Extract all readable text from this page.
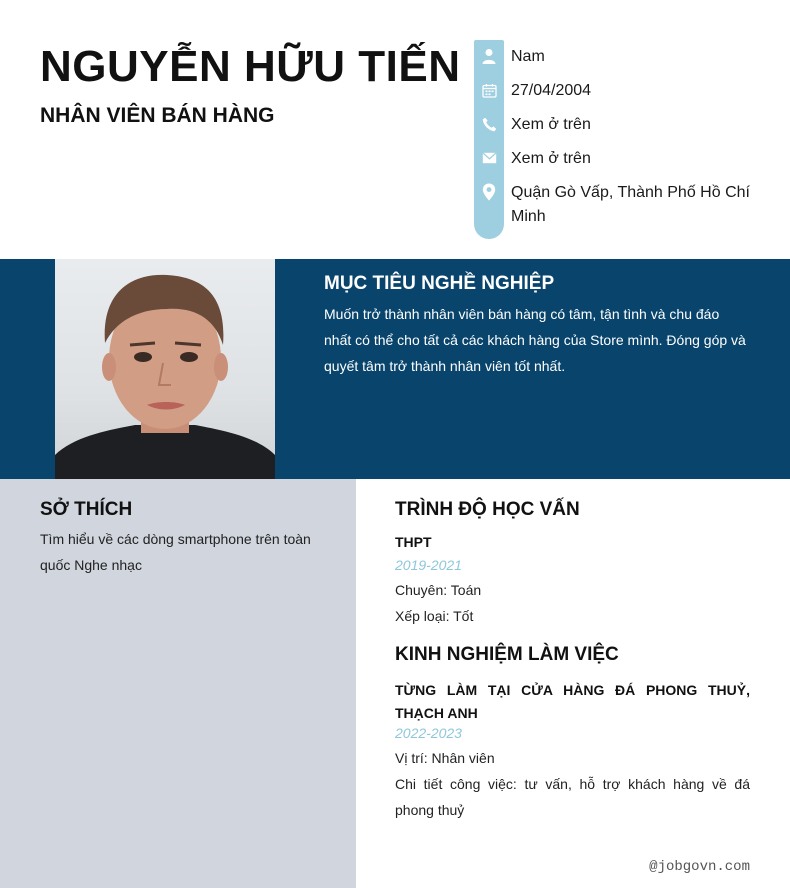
NGUYỄN HỮU TIẾN
NHÂN VIÊN BÁN HÀNG
Nam
27/04/2004
Xem ở trên
Xem ở trên
Quận Gò Vấp, Thành Phố Hồ Chí Minh
MỤC TIÊU NGHỀ NGHIỆP
Muốn trở thành nhân viên bán hàng có tâm, tận tình và chu đáo nhất có thể cho tất cả các khách hàng của Store mình. Đóng góp và quyết tâm trở thành nhân viên tốt nhất.
SỞ THÍCH
Tìm hiểu về các dòng smartphone trên toàn quốc Nghe nhạc
TRÌNH ĐỘ HỌC VẤN
THPT
2019-2021
Chuyên: Toán
Xếp loại: Tốt
KINH NGHIỆM LÀM VIỆC
TỪNG LÀM TẠI CỬA HÀNG ĐÁ PHONG THUỶ, THẠCH ANH
2022-2023
Vị trí: Nhân viên
Chi tiết công việc: tư vấn, hỗ trợ khách hàng về đá phong thuỷ
@jobgovn.com
